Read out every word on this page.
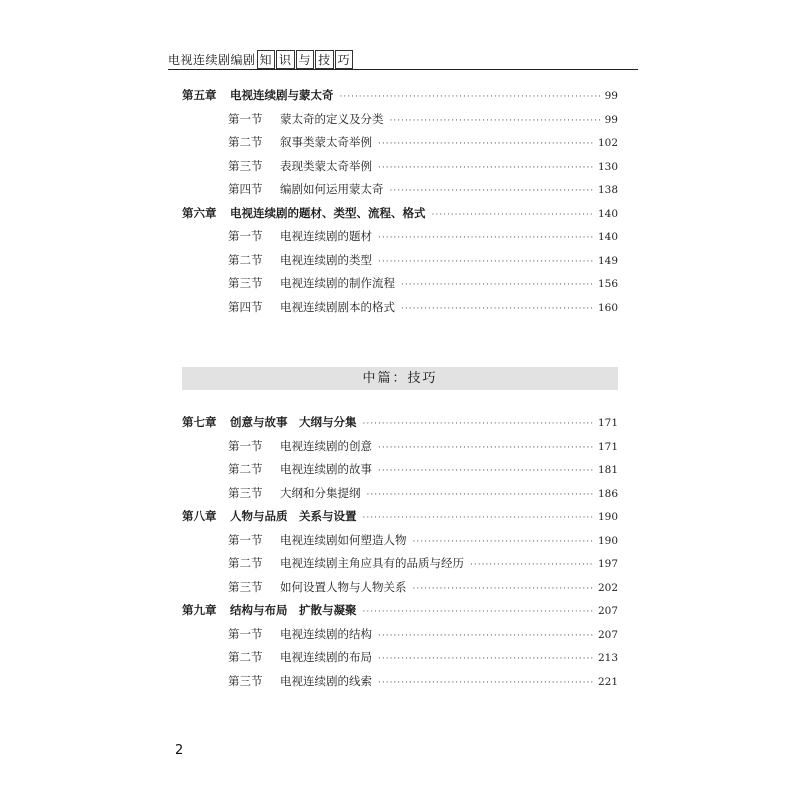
电视连续剧编剧 知 识 与 技 巧
第五章	电视连续剧与蒙太奇 ·····	99
第一节	蒙太奇的定义及分类 ·····	99
第二节	叙事类蒙太奇举例 ·····	102
第三节	表现类蒙太奇举例 ·····	130
第四节	编剧如何运用蒙太奇 ·····	138
第六章	电视连续剧的题材、类型、流程、格式 ·····	140
第一节	电视连续剧的题材 ·····	140
第二节	电视连续剧的类型 ·····	149
第三节	电视连续剧的制作流程 ·····	156
第四节	电视连续剧剧本的格式 ·····	160
中篇：技巧
第七章	创意与故事　大纲与分集 ·····	171
第一节	电视连续剧的创意 ·····	171
第二节	电视连续剧的故事 ·····	181
第三节	大纲和分集提纲 ·····	186
第八章	人物与品质　关系与设置 ·····	190
第一节	电视连续剧如何塑造人物 ·····	190
第二节	电视连续剧主角应具有的品质与经历 ·····	197
第三节	如何设置人物与人物关系 ·····	202
第九章	结构与布局　扩散与凝聚 ·····	207
第一节	电视连续剧的结构 ·····	207
第二节	电视连续剧的布局 ·····	213
第三节	电视连续剧的线索 ·····	221
2
